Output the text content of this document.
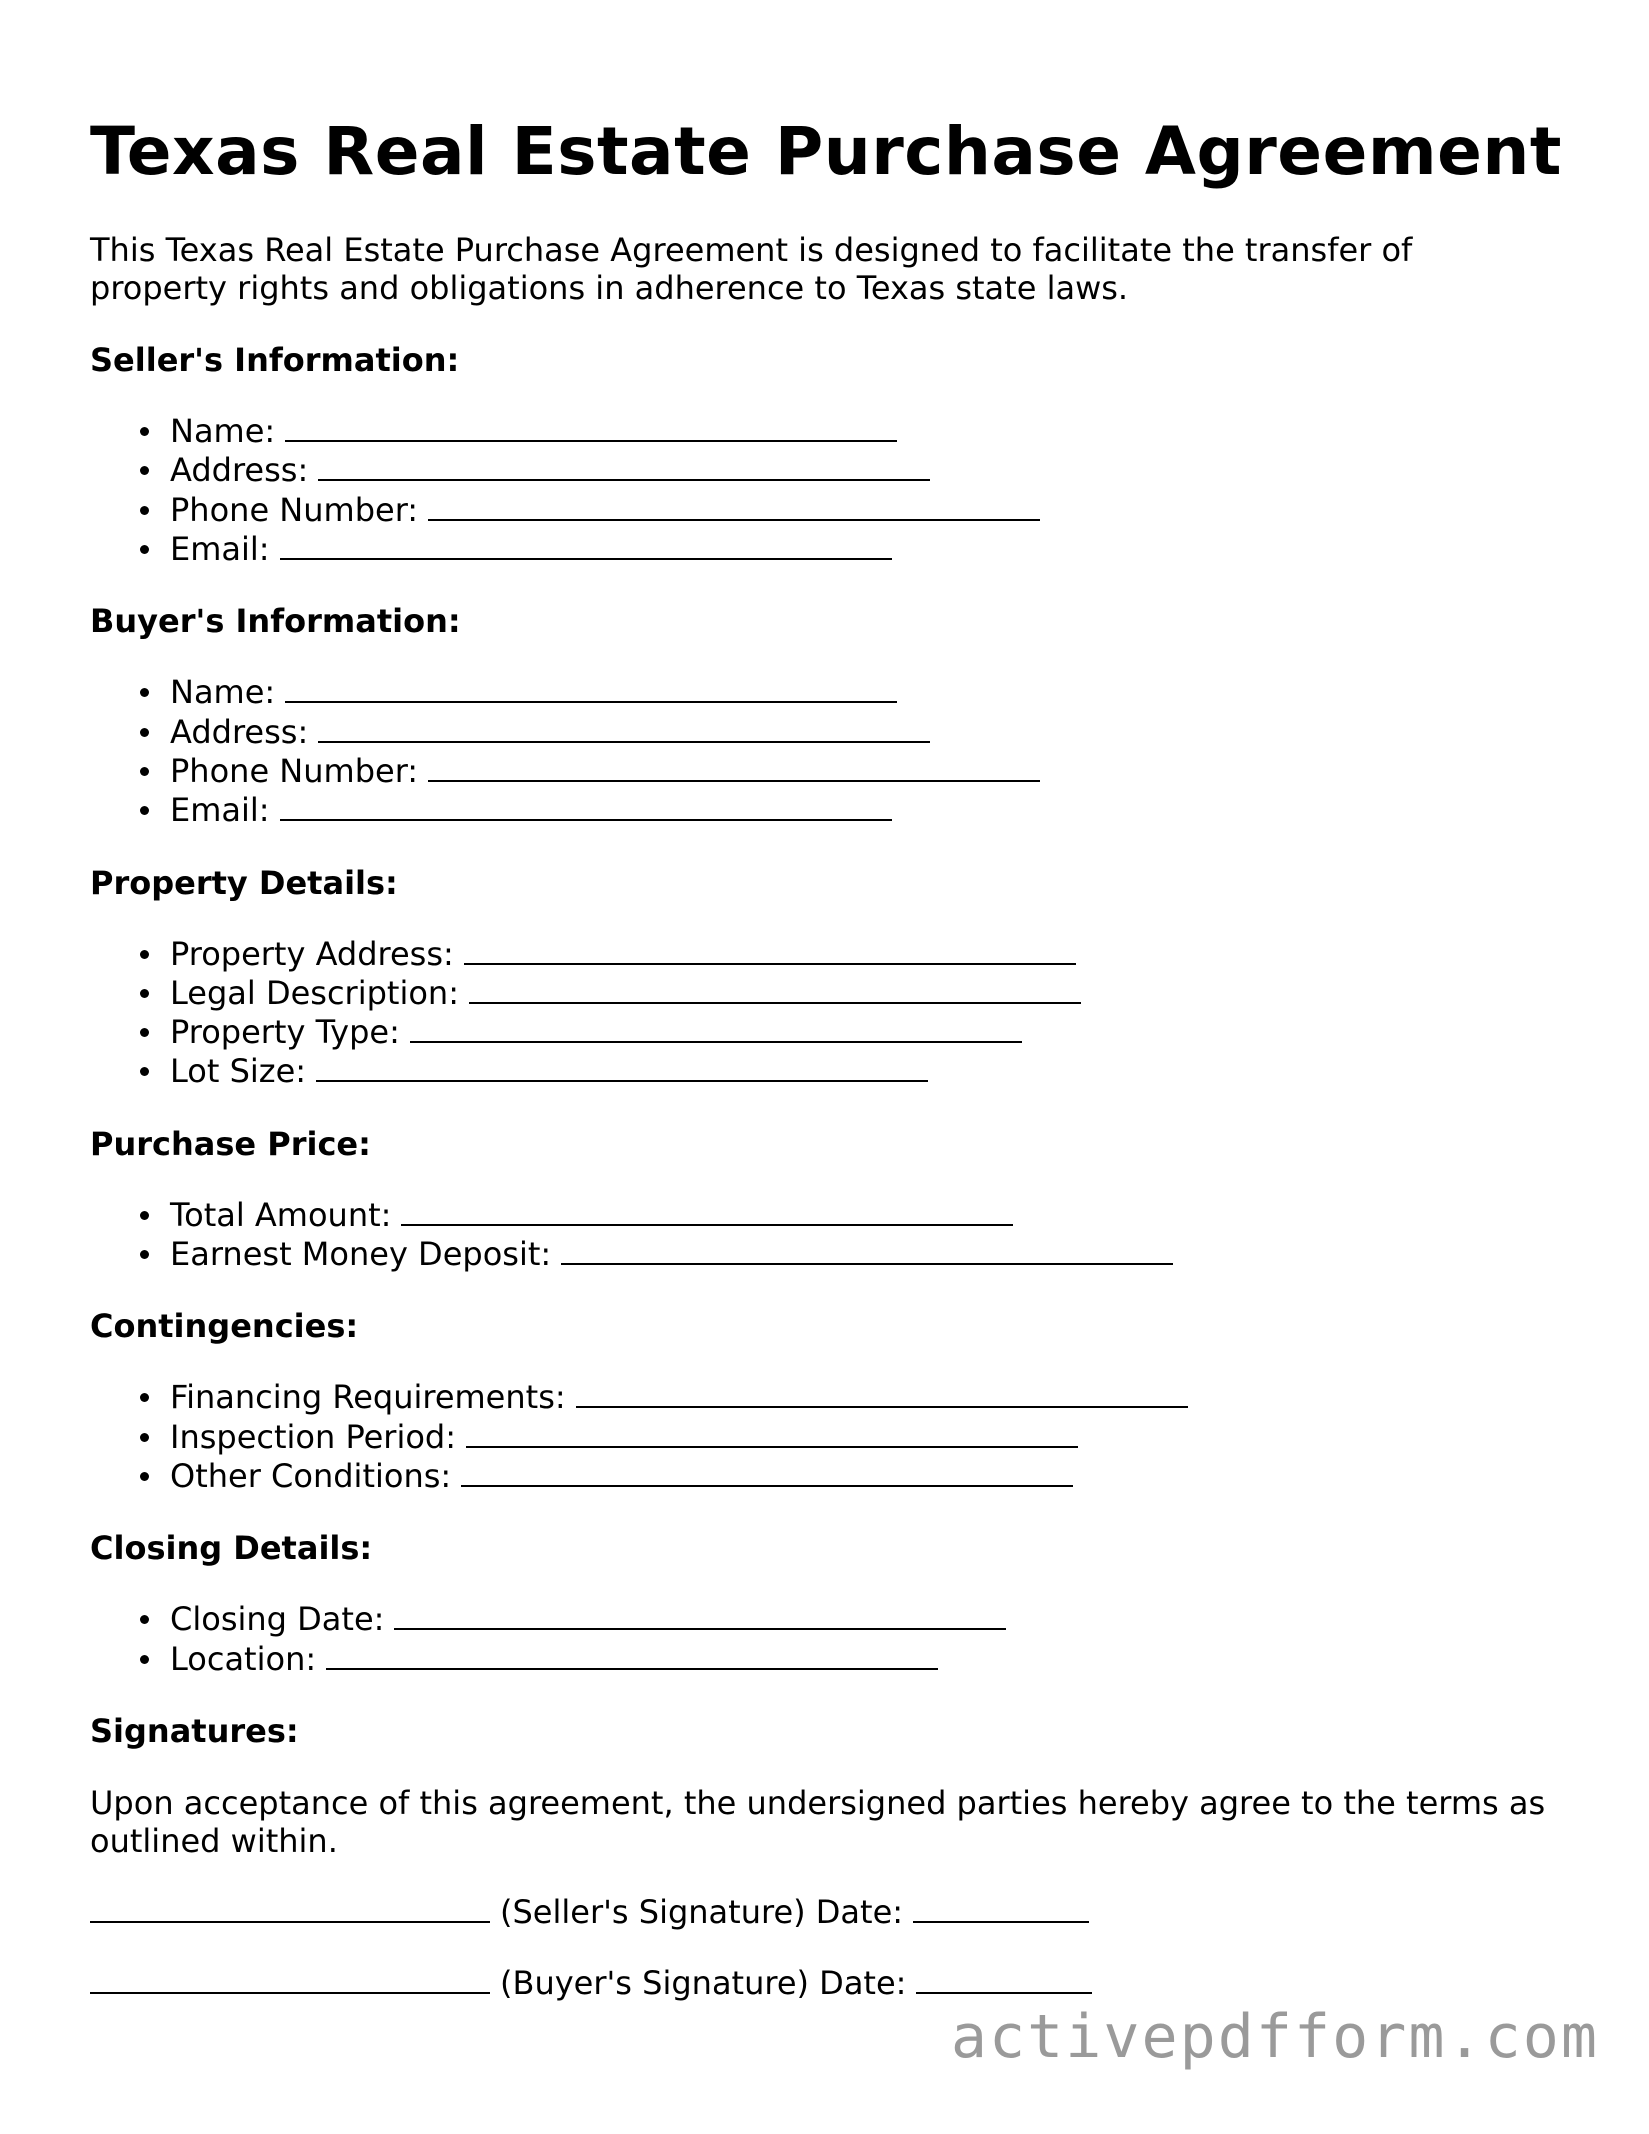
Texas Real Estate Purchase Agreement

This Texas Real Estate Purchase Agreement is designed to facilitate the transfer of property rights and obligations in adherence to Texas state laws.

Seller's Information:
Name:
Address:
Phone Number:
Email:
Buyer's Information:
Name:
Address:
Phone Number:
Email:
Property Details:
Property Address:
Legal Description:
Property Type:
Lot Size:
Purchase Price:
Total Amount:
Earnest Money Deposit:
Contingencies:
Financing Requirements:
Inspection Period:
Other Conditions:
Closing Details:
Closing Date:
Location:
Signatures:

Upon acceptance of this agreement, the undersigned parties hereby agree to the terms as outlined within.

(Seller's Signature) Date:
(Buyer's Signature) Date:
activepdfform.com
